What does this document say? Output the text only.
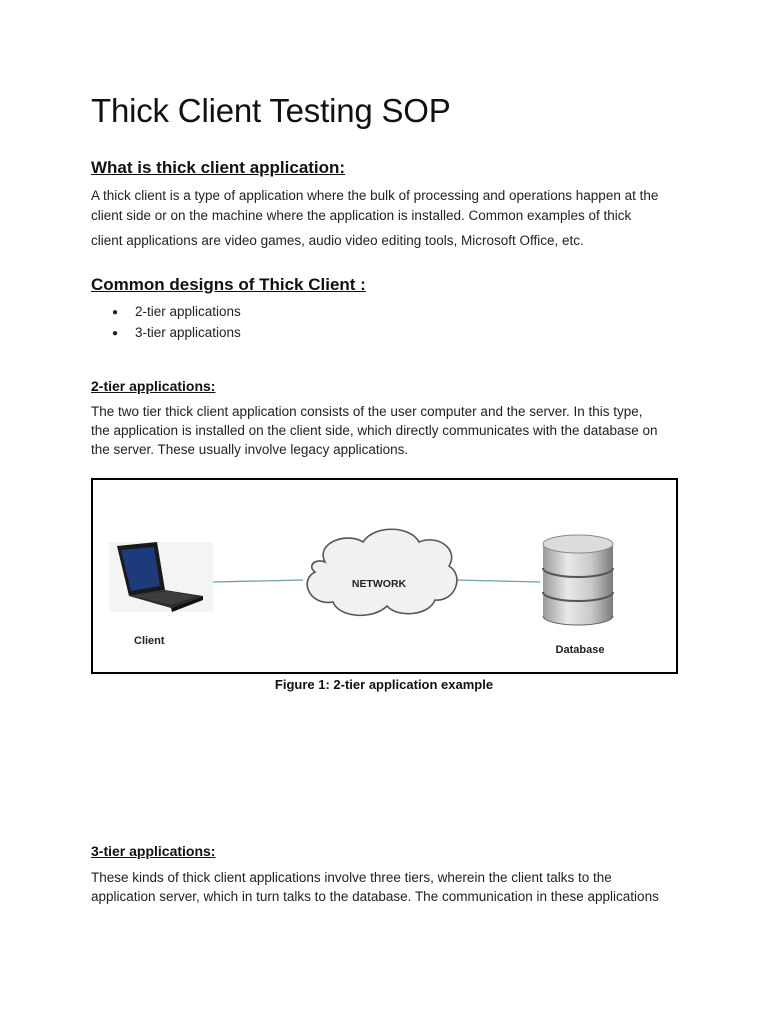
Thick Client Testing SOP
What is thick client application:
A thick client is a type of application where the bulk of processing and operations happen at the
client side or on the machine where the application is installed. Common examples of thick
client applications are video games, audio video editing tools, Microsoft Office, etc.
Common designs of Thick Client :
● 2-tier applications
● 3-tier applications
2-tier applications:
The two tier thick client application consists of the user computer and the server. In this type,
the application is installed on the client side, which directly communicates with the database on
the server. These usually involve legacy applications.
Client
NETWORK
Database

Figure 1: 2-tier application example

3-tier applications:
These kinds of thick client applications involve three tiers, wherein the client talks to the
application server, which in turn talks to the database. The communication in these applications
